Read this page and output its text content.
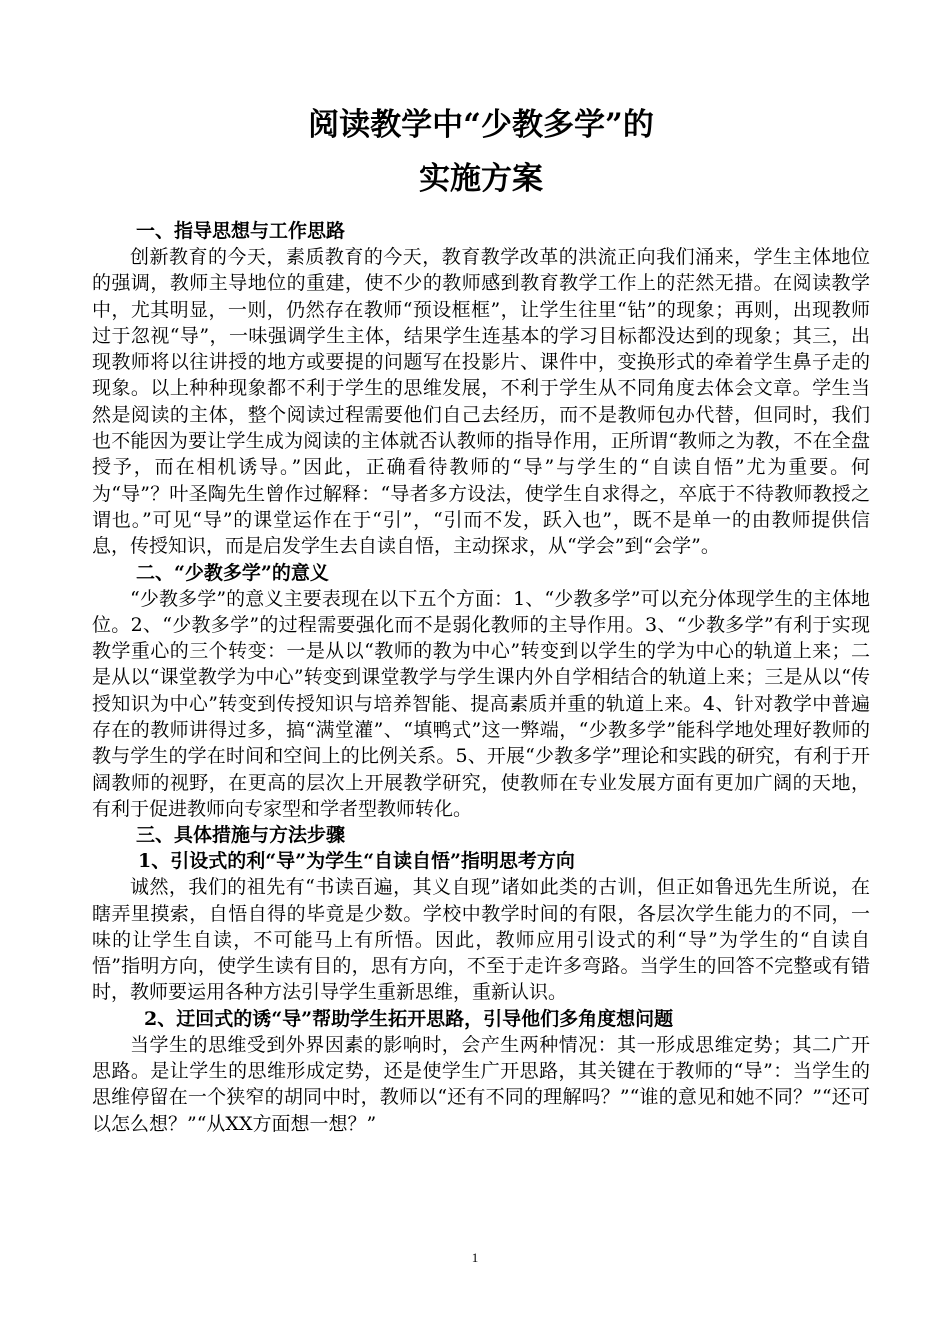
阅读教学中“少教多学”的

实施方案

一、指导思想与工作思路

创新教育的今天，素质教育的今天，教育教学改革的洪流正向我们涌来，学生主体地位的强调，教师主导地位的重建，使不少的教师感到教育教学工作上的茫然无措。在阅读教学中，尤其明显，一则，仍然存在教师“预设框框”，让学生往里“钻”的现象；再则，出现教师过于忽视“导”，一味强调学生主体，结果学生连基本的学习目标都没达到的现象；其三，出现教师将以往讲授的地方或要提的问题写在投影片、课件中，变换形式的牵着学生鼻子走的现象。以上种种现象都不利于学生的思维发展，不利于学生从不同角度去体会文章。学生当然是阅读的主体，整个阅读过程需要他们自己去经历，而不是教师包办代替，但同时，我们也不能因为要让学生成为阅读的主体就否认教师的指导作用，正所谓“教师之为教，不在全盘授予，而在相机诱导。”因此，正确看待教师的“导”与学生的“自读自悟”尤为重要。何为“导”？叶圣陶先生曾作过解释：“导者多方设法，使学生自求得之，卒底于不待教师教授之谓也。”可见“导”的课堂运作在于“引”，“引而不发，跃入也”，既不是单一的由教师提供信息，传授知识，而是启发学生去自读自悟，主动探求，从“学会”到“会学”。

二、“少教多学”的意义

“少教多学”的意义主要表现在以下五个方面：1、“少教多学”可以充分体现学生的主体地位。2、“少教多学”的过程需要强化而不是弱化教师的主导作用。3、“少教多学”有利于实现教学重心的三个转变：一是从以“教师的教为中心”转变到以学生的学为中心的轨道上来；二是从以“课堂教学为中心”转变到课堂教学与学生课内外自学相结合的轨道上来；三是从以“传授知识为中心”转变到传授知识与培养智能、提高素质并重的轨道上来。4、针对教学中普遍存在的教师讲得过多，搞“满堂灌”、“填鸭式”这一弊端，“少教多学”能科学地处理好教师的教与学生的学在时间和空间上的比例关系。5、开展“少教多学”理论和实践的研究，有利于开阔教师的视野，在更高的层次上开展教学研究，使教师在专业发展方面有更加广阔的天地，有利于促进教师向专家型和学者型教师转化。

三、具体措施与方法步骤

1、引设式的利“导”为学生“自读自悟”指明思考方向

诚然，我们的祖先有“书读百遍，其义自现”诸如此类的古训，但正如鲁迅先生所说，在瞎弄里摸索，自悟自得的毕竟是少数。学校中教学时间的有限，各层次学生能力的不同，一味的让学生自读，不可能马上有所悟。因此，教师应用引设式的利“导”为学生的“自读自悟”指明方向，使学生读有目的，思有方向，不至于走许多弯路。当学生的回答不完整或有错时，教师要运用各种方法引导学生重新思维，重新认识。

2、迂回式的诱“导”帮助学生拓开思路，引导他们多角度想问题

当学生的思维受到外界因素的影响时，会产生两种情况：其一形成思维定势；其二广开思路。是让学生的思维形成定势，还是使学生广开思路，其关键在于教师的“导”：当学生的思维停留在一个狭窄的胡同中时，教师以“还有不同的理解吗？”“谁的意见和她不同？”“还可以怎么想？”“从XX方面想一想？”

1
